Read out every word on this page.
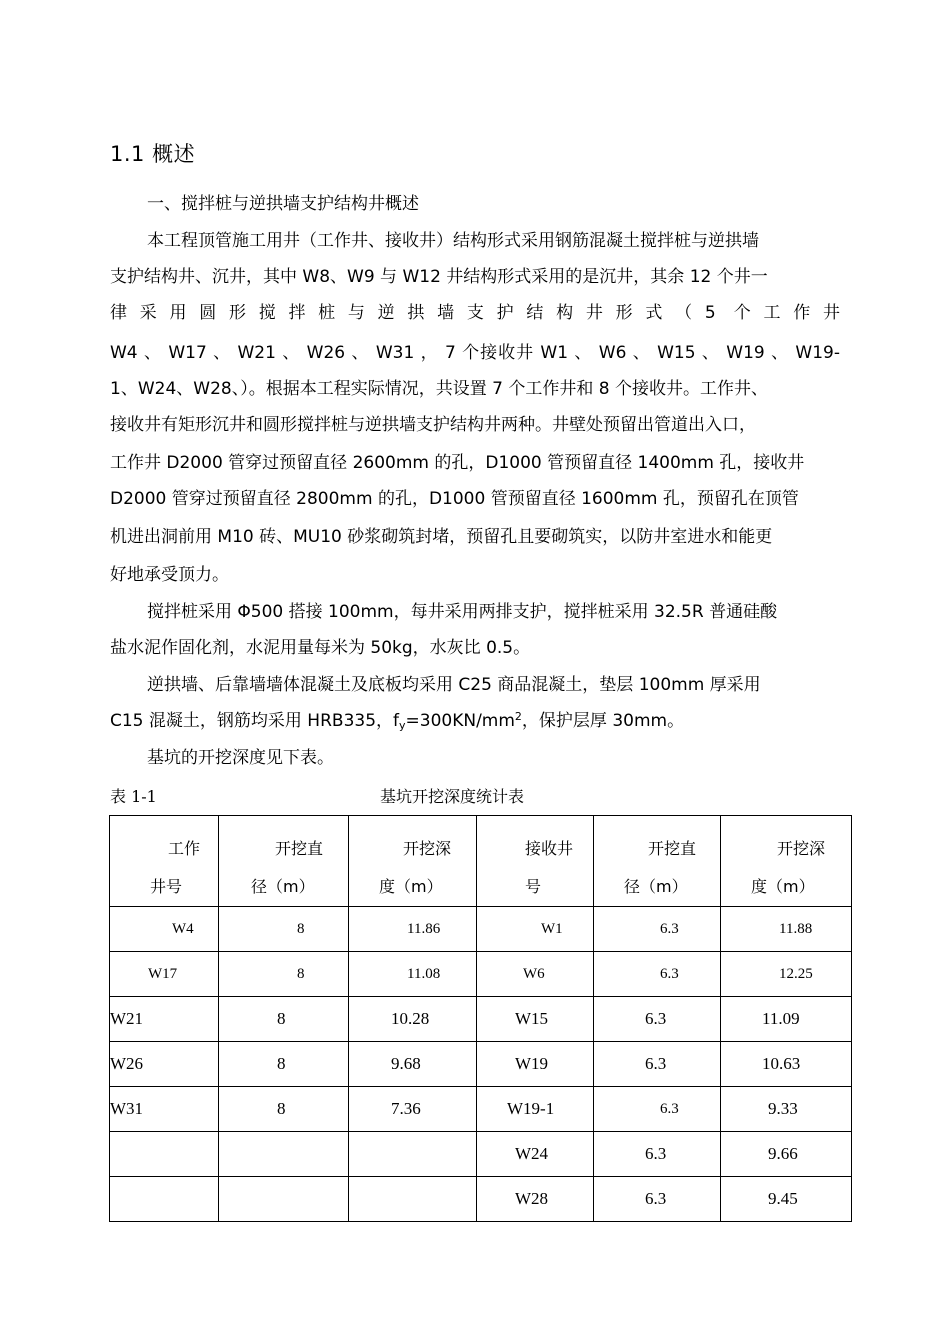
1.1 概述
一、搅拌桩与逆拱墙支护结构井概述
本工程顶管施工用井（工作井、接收井）结构形式采用钢筋混凝土搅拌桩与逆拱墙
支护结构井、沉井，其中 W8、W9 与 W12 井结构形式采用的是沉井，其余 12 个井一
律采用圆形搅拌桩与逆拱墙支护结构井形式（5 个工作井
W4 、 W17 、 W21 、 W26 、 W31 ， 7 个接收井 W1 、 W6 、 W15 、 W19 、 W19-
1、W24、W28、）。根据本工程实际情况，共设置 7 个工作井和 8 个接收井。工作井、
接收井有矩形沉井和圆形搅拌桩与逆拱墙支护结构井两种。井壁处预留出管道出入口，
工作井 D2000 管穿过预留直径 2600mm 的孔，D1000 管预留直径 1400mm 孔，接收井
D2000 管穿过预留直径 2800mm 的孔，D1000 管预留直径 1600mm 孔，预留孔在顶管
机进出洞前用 M10 砖、MU10 砂浆砌筑封堵，预留孔且要砌筑实，以防井室进水和能更
好地承受顶力。
搅拌桩采用 Φ500 搭接 100mm，每井采用两排支护，搅拌桩采用 32.5R 普通硅酸
盐水泥作固化剂，水泥用量每米为 50kg，水灰比 0.5。
逆拱墙、后靠墙墙体混凝土及底板均采用 C25 商品混凝土，垫层 100mm 厚采用
C15 混凝土，钢筋均采用 HRB335，$f_y=300KN/mm^2$，保护层厚 30mm。
基坑的开挖深度见下表。
表 1-1	基坑开挖深度统计表
工作
井号	开挖直
径（m）	开挖深
度（m）	接收井
号	开挖直
径（m）	开挖深
度（m）

W4	8	11.86	W1	6.3	11.88
W17	8	11.08	W6	6.3	12.25
W21	8	10.28	W15	6.3	11.09
W26	8	9.68	W19	6.3	10.63
W31	8	7.36	W19-1	6.3	9.33
			W24	6.3	9.66
			W28	6.3	9.45
